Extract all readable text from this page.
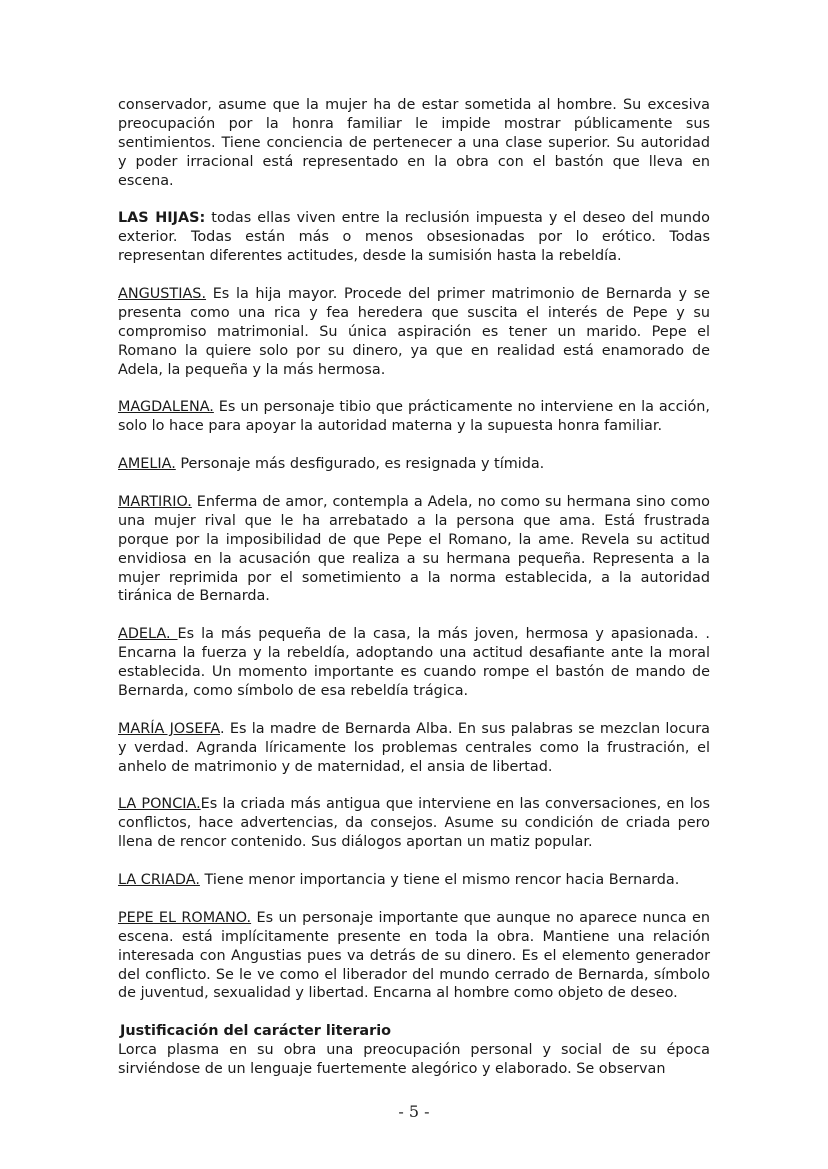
conservador, asume que la mujer ha de estar sometida al hombre. Su excesiva preocupación por la honra familiar le impide mostrar públicamente sus sentimientos. Tiene conciencia de pertenecer a una clase superior. Su autoridad y poder irracional está representado en la obra con el bastón que lleva en escena.

LAS HIJAS: todas ellas viven entre la reclusión impuesta y el deseo del mundo exterior. Todas están más o menos obsesionadas por lo erótico. Todas representan diferentes actitudes, desde la sumisión hasta la rebeldía.

ANGUSTIAS. Es la hija mayor. Procede del primer matrimonio de Bernarda y se presenta como una rica y fea heredera que suscita el interés de Pepe y su compromiso matrimonial. Su única aspiración es tener un marido. Pepe el Romano la quiere solo por su dinero, ya que en realidad está enamorado de Adela, la pequeña y la más hermosa.

MAGDALENA. Es un personaje tibio que prácticamente no interviene en la acción, solo lo hace para apoyar la autoridad materna y la supuesta honra familiar.

AMELIA. Personaje más desfigurado, es resignada y tímida.

MARTIRIO. Enferma de amor, contempla a Adela, no como su hermana sino como una mujer rival que le ha arrebatado a la persona que ama. Está frustrada porque por la imposibilidad de que Pepe el Romano, la ame. Revela su actitud envidiosa en la acusación que realiza a su hermana pequeña. Representa a la mujer reprimida por el sometimiento a la norma establecida, a la autoridad tiránica de Bernarda.

ADELA. Es la más pequeña de la casa, la más joven, hermosa y apasionada. . Encarna la fuerza y la rebeldía, adoptando una actitud desafiante ante la moral establecida. Un momento importante es cuando rompe el bastón de mando de Bernarda, como símbolo de esa rebeldía trágica.

MARÍA JOSEFA. Es la madre de Bernarda Alba. En sus palabras se mezclan locura y verdad. Agranda líricamente los problemas centrales como la frustración, el anhelo de matrimonio y de maternidad, el ansia de libertad.

LA PONCIA.Es la criada más antigua que interviene en las conversaciones, en los conflictos, hace advertencias, da consejos. Asume su condición de criada pero llena de rencor contenido. Sus diálogos aportan un matiz popular.

LA CRIADA. Tiene menor importancia y tiene el mismo rencor hacia Bernarda.

PEPE EL ROMANO. Es un personaje importante que aunque no aparece nunca en escena. está implícitamente presente en toda la obra. Mantiene una relación interesada con Angustias pues va detrás de su dinero. Es el elemento generador del conflicto. Se le ve como el liberador del mundo cerrado de Bernarda, símbolo de juventud, sexualidad y libertad. Encarna al hombre como objeto de deseo.

Justificación del carácter literario

Lorca plasma en su obra una preocupación personal y social de su época sirviéndose de un lenguaje fuertemente alegórico y elaborado. Se observan

- 5 -
